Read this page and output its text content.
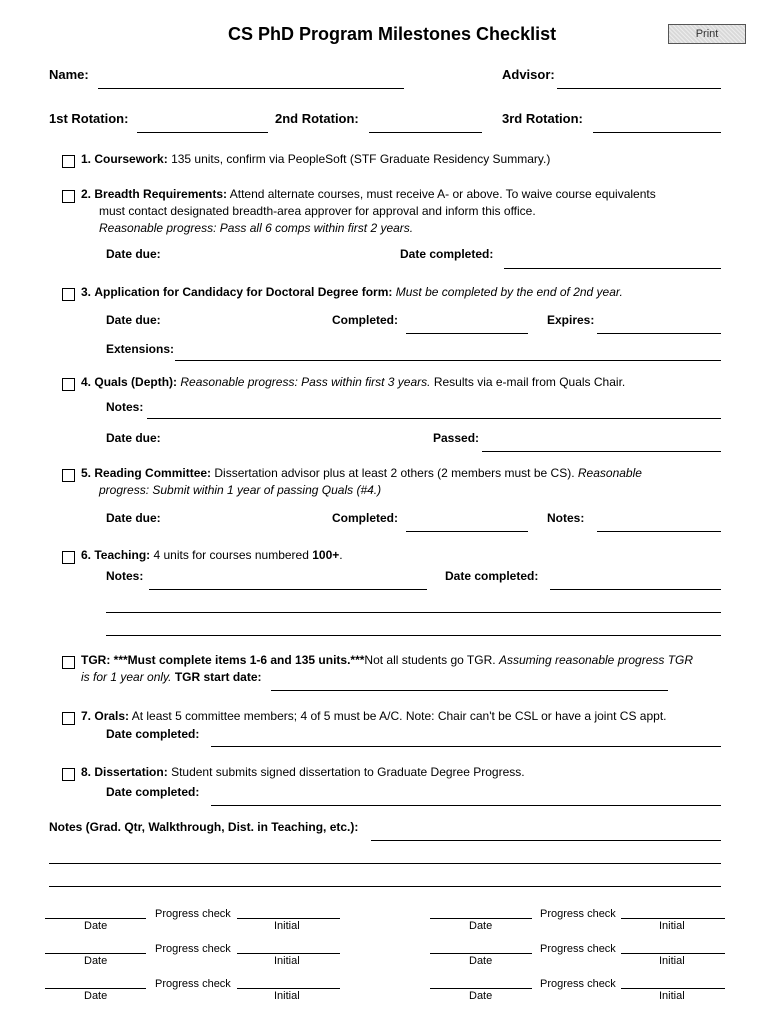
CS PhD Program Milestones Checklist	Print
Name:	Advisor:
1st Rotation:	2nd Rotation:	3rd Rotation:
1. Coursework: 135 units, confirm via PeopleSoft (STF Graduate Residency Summary.)
2. Breadth Requirements: Attend alternate courses, must receive A- or above. To waive course equivalents
must contact designated breadth-area approver for approval and inform this office.
Reasonable progress: Pass all 6 comps within first 2 years.
Date due:	Date completed:
3. Application for Candidacy for Doctoral Degree form: Must be completed by the end of 2nd year.
Date due:	Completed:	Expires:
Extensions:
4. Quals (Depth): Reasonable progress: Pass within first 3 years. Results via e-mail from Quals Chair.
Notes:
Date due:	Passed:
5. Reading Committee: Dissertation advisor plus at least 2 others (2 members must be CS). Reasonable
progress: Submit within 1 year of passing Quals (#4.)
Date due:	Completed:	Notes:
6. Teaching: 4 units for courses numbered 100+.
Notes:	Date completed:
TGR: ***Must complete items 1-6 and 135 units.***Not all students go TGR. Assuming reasonable progress TGR
is for 1 year only. TGR start date:
7. Orals: At least 5 committee members; 4 of 5 must be A/C. Note: Chair can't be CSL or have a joint CS appt.
Date completed:
8. Dissertation: Student submits signed dissertation to Graduate Degree Progress.
Date completed:
Notes (Grad. Qtr, Walkthrough, Dist. in Teaching, etc.):
Progress check
Date	Initial
Progress check
Date	Initial
Progress check
Date	Initial
Progress check
Date	Initial
Progress check
Date	Initial
Progress check
Date	Initial
